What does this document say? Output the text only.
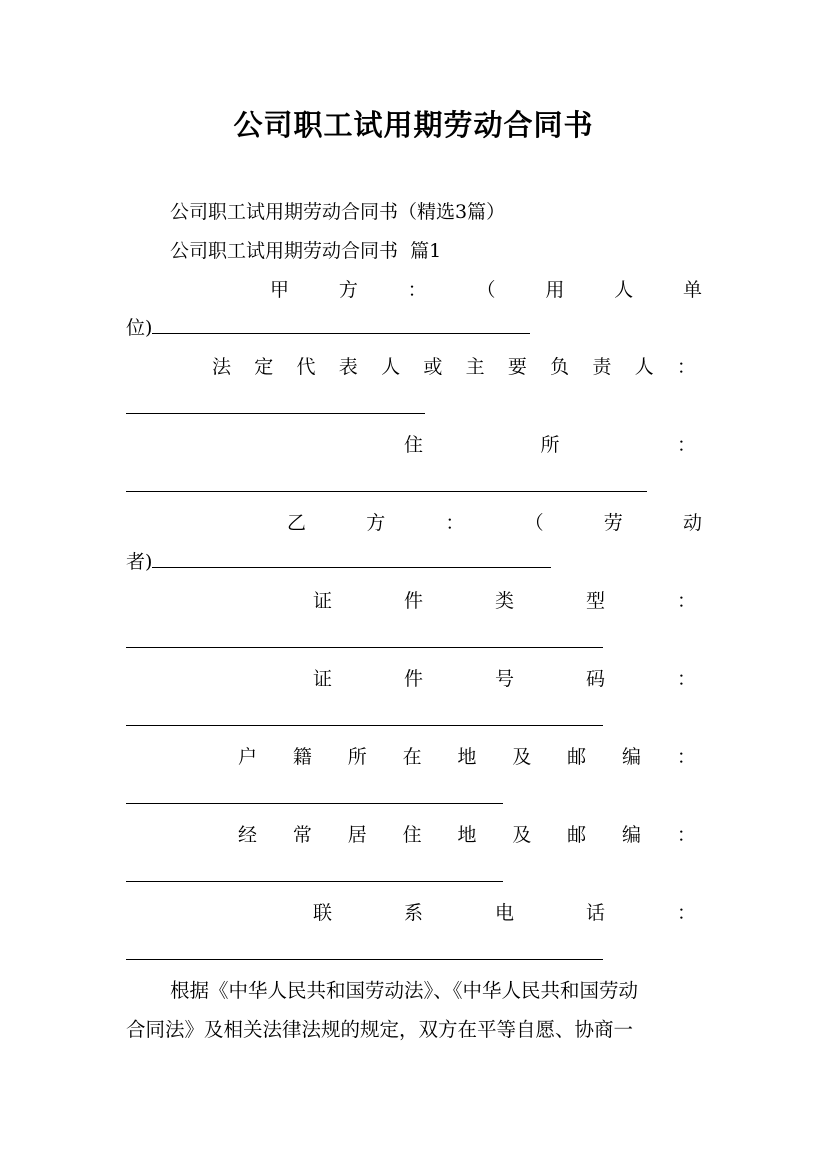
公司职工试用期劳动合同书
公司职工试用期劳动合同书（精选3篇）
公司职工试用期劳动合同书  篇1
甲	方	：	（	用	人	单
位)
法 定 代 表 人 或 主 要 负 责 人 ：
住	所	：
乙	方	：	（	劳	动
者)
证	件	类	型	：
证	件	号	码	：
户 籍 所 在 地 及 邮 编 ：
经 常 居 住 地 及 邮 编 ：
联	系	电	话	：
根据《中华人民共和国劳动法》、《中华人民共和国劳动
合同法》及相关法律法规的规定，双方在平等自愿、协商一
